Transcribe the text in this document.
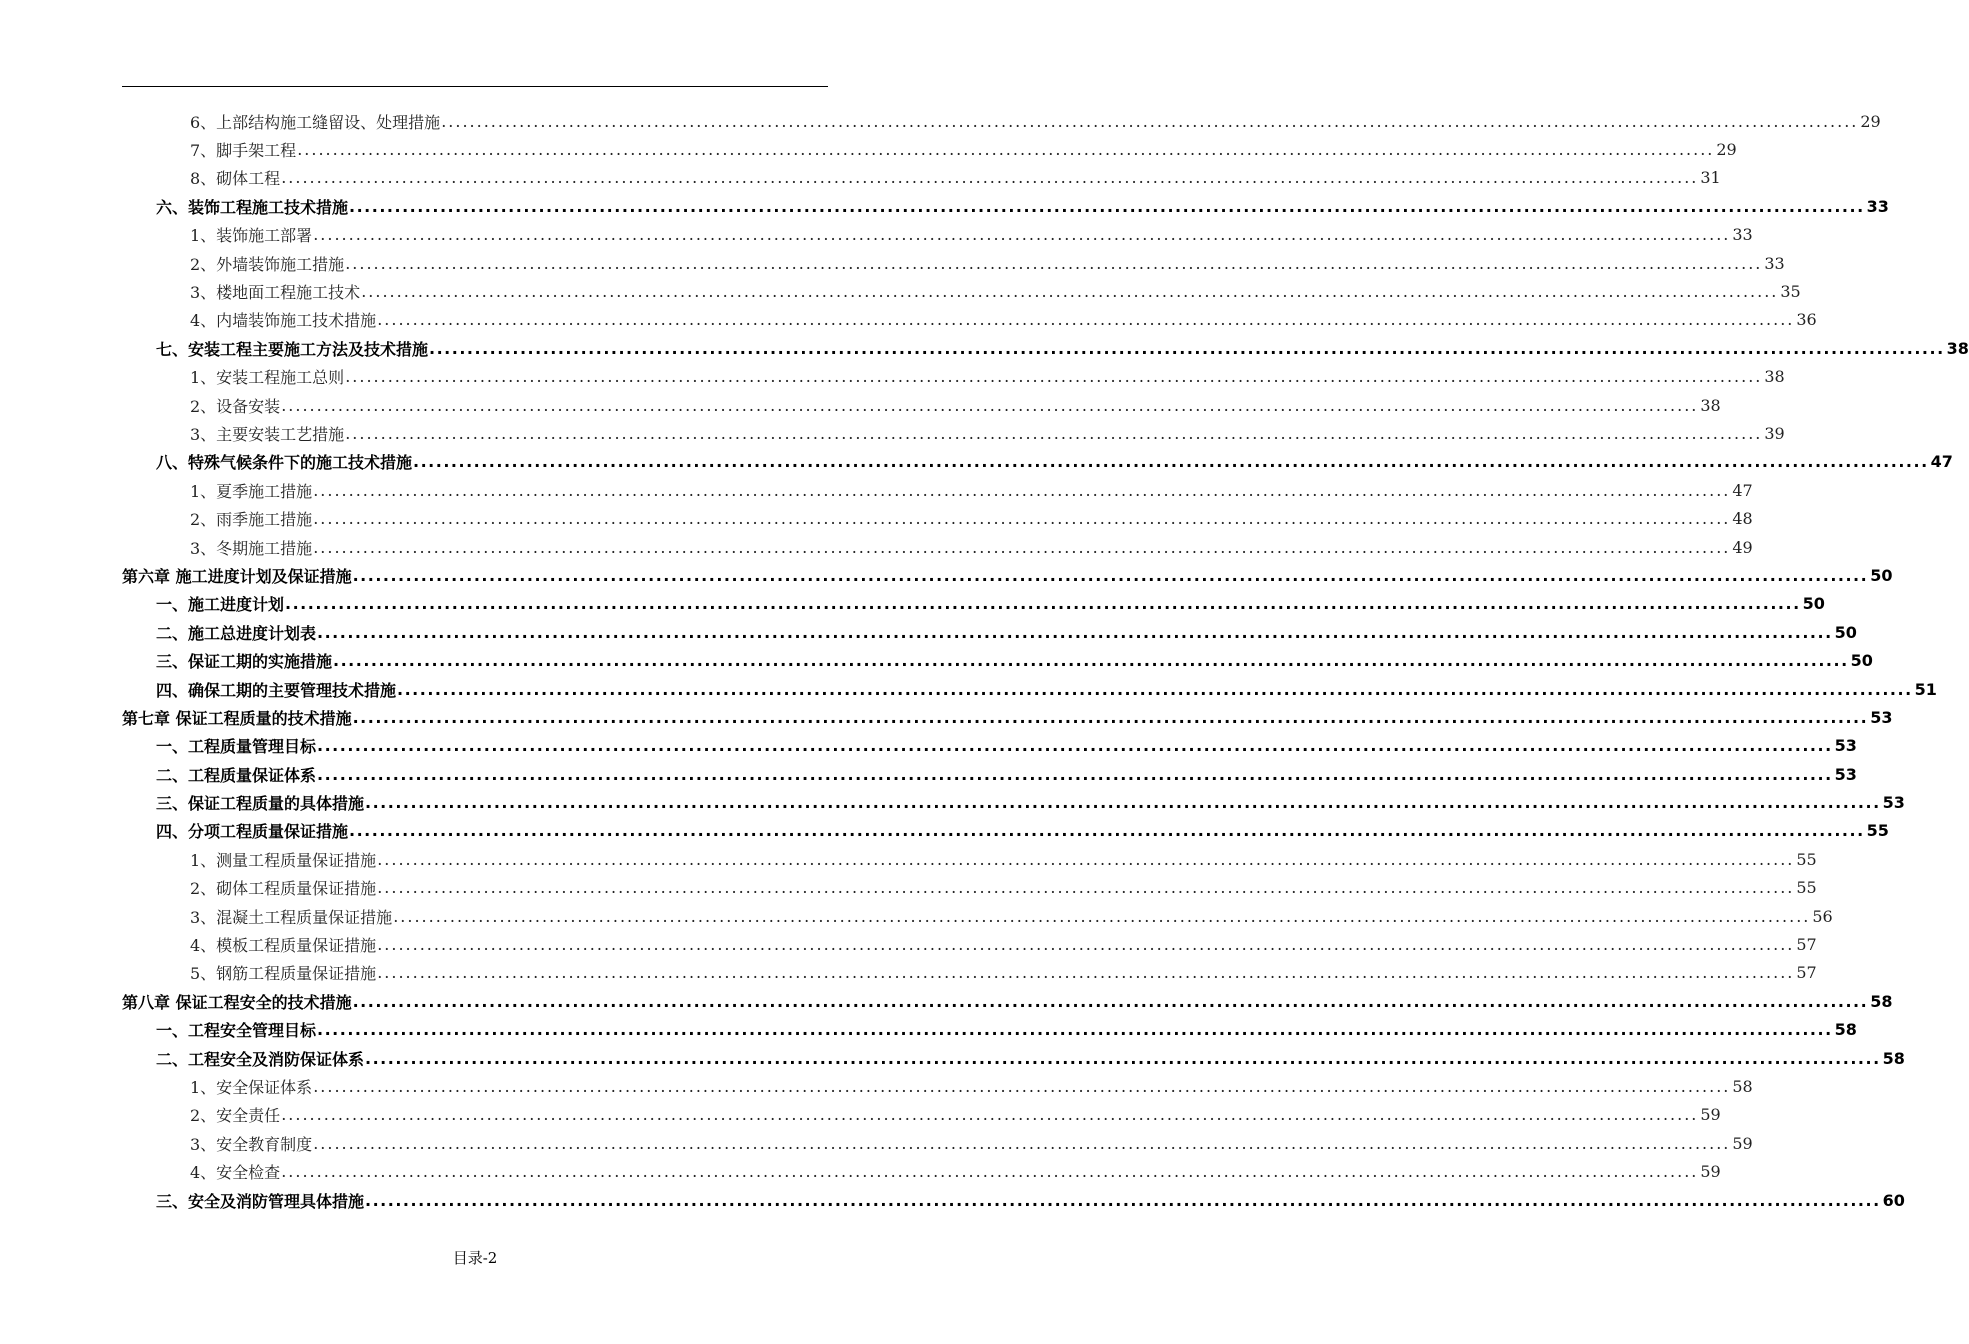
6、上部结构施工缝留设、处理措施 ........................................................................................................................................................................................................ 29
7、脚手架工程 ........................................................................................................................................................................................................ 29
8、砌体工程 ........................................................................................................................................................................................................ 31
六、装饰工程施工技术措施 ........................................................................................................................................................................................................ 33
1、装饰施工部署 ........................................................................................................................................................................................................ 33
2、外墙装饰施工措施 ........................................................................................................................................................................................................ 33
3、楼地面工程施工技术 ........................................................................................................................................................................................................ 35
4、内墙装饰施工技术措施 ........................................................................................................................................................................................................ 36
七、安装工程主要施工方法及技术措施 ........................................................................................................................................................................................................ 38
1、安装工程施工总则 ........................................................................................................................................................................................................ 38
2、设备安装 ........................................................................................................................................................................................................ 38
3、主要安装工艺措施 ........................................................................................................................................................................................................ 39
八、特殊气候条件下的施工技术措施 ........................................................................................................................................................................................................ 47
1、夏季施工措施 ........................................................................................................................................................................................................ 47
2、雨季施工措施 ........................................................................................................................................................................................................ 48
3、冬期施工措施 ........................................................................................................................................................................................................ 49
第六章 施工进度计划及保证措施 ........................................................................................................................................................................................................ 50
一、施工进度计划 ........................................................................................................................................................................................................ 50
二、施工总进度计划表 ........................................................................................................................................................................................................ 50
三、保证工期的实施措施 ........................................................................................................................................................................................................ 50
四、确保工期的主要管理技术措施 ........................................................................................................................................................................................................ 51
第七章 保证工程质量的技术措施 ........................................................................................................................................................................................................ 53
一、工程质量管理目标 ........................................................................................................................................................................................................ 53
二、工程质量保证体系 ........................................................................................................................................................................................................ 53
三、保证工程质量的具体措施 ........................................................................................................................................................................................................ 53
四、分项工程质量保证措施 ........................................................................................................................................................................................................ 55
1、测量工程质量保证措施 ........................................................................................................................................................................................................ 55
2、砌体工程质量保证措施 ........................................................................................................................................................................................................ 55
3、混凝土工程质量保证措施 ........................................................................................................................................................................................................ 56
4、模板工程质量保证措施 ........................................................................................................................................................................................................ 57
5、钢筋工程质量保证措施 ........................................................................................................................................................................................................ 57
第八章 保证工程安全的技术措施 ........................................................................................................................................................................................................ 58
一、工程安全管理目标 ........................................................................................................................................................................................................ 58
二、工程安全及消防保证体系 ........................................................................................................................................................................................................ 58
1、安全保证体系 ........................................................................................................................................................................................................ 58
2、安全责任 ........................................................................................................................................................................................................ 59
3、安全教育制度 ........................................................................................................................................................................................................ 59
4、安全检查 ........................................................................................................................................................................................................ 59
三、安全及消防管理具体措施 ........................................................................................................................................................................................................ 60
目录-2
